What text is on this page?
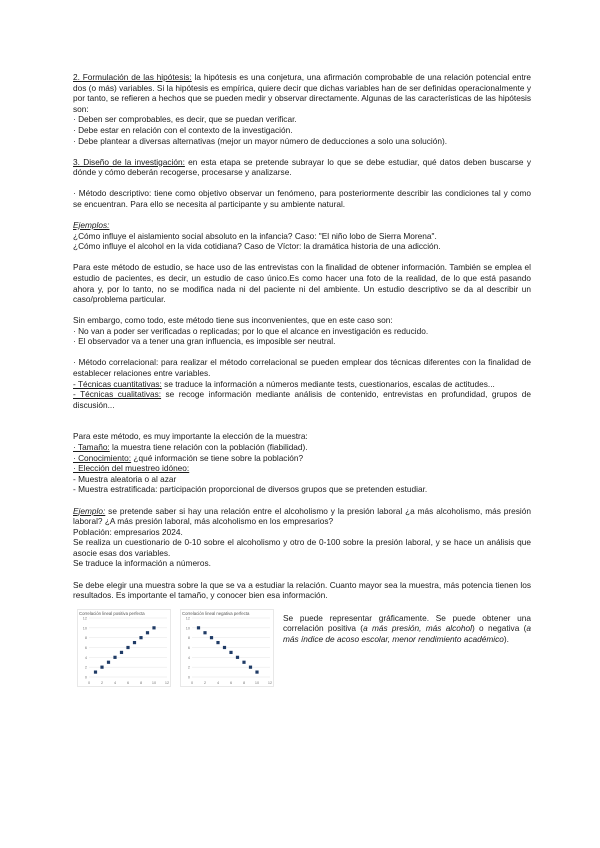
2. Formulación de las hipótesis: la hipótesis es una conjetura, una afirmación comprobable de una relación potencial entre dos (o más) variables. Si la hipótesis es empírica, quiere decir que dichas variables han de ser definidas operacionalmente y por tanto, se refieren a hechos que se pueden medir y observar directamente. Algunas de las características de las hipótesis son:

· Deben ser comprobables, es decir, que se puedan verificar.

· Debe estar en relación con el contexto de la investigación.

· Debe plantear a diversas alternativas (mejor un mayor número de deducciones a solo una solución).

3. Diseño de la investigación: en esta etapa se pretende subrayar lo que se debe estudiar, qué datos deben buscarse y dónde y cómo deberán recogerse, procesarse y analizarse.

· Método descriptivo: tiene como objetivo observar un fenómeno, para posteriormente describir las condiciones tal y como se encuentran. Para ello se necesita al participante y su ambiente natural.

Ejemplos:

¿Cómo influye el aislamiento social absoluto en la infancia? Caso: "El niño lobo de Sierra Morena".

¿Cómo influye el alcohol en la vida cotidiana? Caso de Víctor: la dramática historia de una adicción.

Para este método de estudio, se hace uso de las entrevistas con la finalidad de obtener información. También se emplea el estudio de pacientes, es decir, un estudio de caso único.Es como hacer una foto de la realidad, de lo que está pasando ahora y, por lo tanto, no se modifica nada ni del paciente ni del ambiente. Un estudio descriptivo se da al describir un caso/problema particular.

Sin embargo, como todo, este método tiene sus inconvenientes, que en este caso son:

· No van a poder ser verificadas o replicadas; por lo que el alcance en investigación es reducido.

· El observador va a tener una gran influencia, es imposible ser neutral.

· Método correlacional: para realizar el método correlacional se pueden emplear dos técnicas diferentes con la finalidad de establecer relaciones entre variables.

- Técnicas cuantitativas: se traduce la información a números mediante tests, cuestionarios, escalas de actitudes...

- Técnicas cualitativas: se recoge información mediante análisis de contenido, entrevistas en profundidad, grupos de discusión...

Para este método, es muy importante la elección de la muestra:

· Tamaño: la muestra tiene relación con la población (fiabilidad).

· Conocimiento: ¿qué información se tiene sobre la población?

· Elección del muestreo idóneo:

- Muestra aleatoria o al azar

- Muestra estratificada: participación proporcional de diversos grupos que se pretenden estudiar.

Ejemplo: se pretende saber si hay una relación entre el alcoholismo y la presión laboral ¿a más alcoholismo, más presión laboral? ¿A más presión laboral, más alcoholismo en los empresarios?

Población: empresarios 2024.

Se realiza un cuestionario de 0-10 sobre el alcoholismo y otro de 0-100 sobre la presión laboral, y se hace un análisis que asocie esas dos variables.

Se traduce la información a números.

Se debe elegir una muestra sobre la que se va a estudiar la relación. Cuanto mayor sea la muestra, más potencia tienen los resultados. Es importante el tamaño, y conocer bien esa información.

Correlación lineal positiva perfecta
0
2
4
6
8
10
12
0	2	4	6	8	10 12
Correlación lineal negativa perfecta
0
2
4
6
8
10
12
0	2	4	6	8	10 12

Se puede representar gráficamente. Se puede obtener una correlación positiva (a más presión, más alcohol) o negativa (a más índice de acoso escolar, menor rendimiento académico).
